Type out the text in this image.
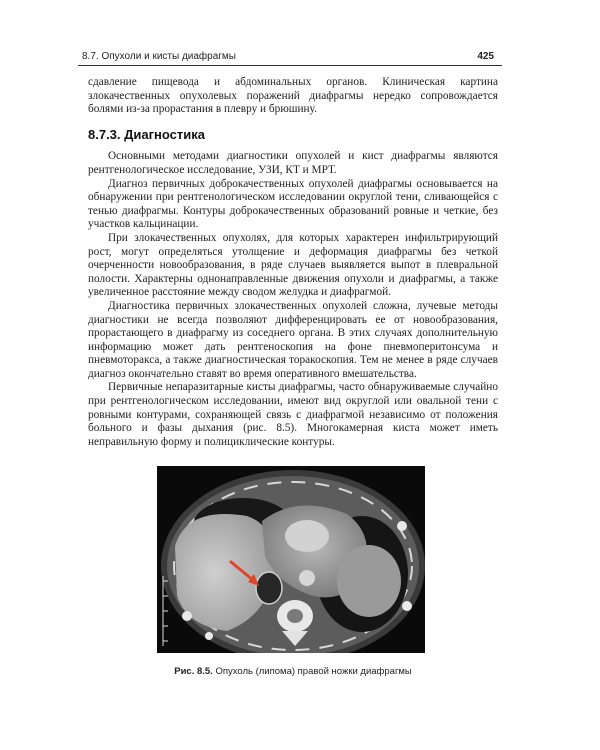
8.7. Опухоли и кисты диафрагмы	425

сдавление пищевода и абдоминальных органов. Клиническая картина злокачественных опухолевых поражений диафрагмы нередко сопровождается болями из-за прорастания в плевру и брюшину.

8.7.3. Диагностика

Основными методами диагностики опухолей и кист диафрагмы являются рентгенологическое исследование, УЗИ, КТ и МРТ.

Диагноз первичных доброкачественных опухолей диафрагмы основывается на обнаружении при рентгенологическом исследовании округлой тени, сливающейся с тенью диафрагмы. Контуры доброкачественных образований ровные и четкие, без участков кальцинации.

При злокачественных опухолях, для которых характерен инфильтрирующий рост, могут определяться утолщение и деформация диафрагмы без четкой очерченности новообразования, в ряде случаев выявляется выпот в плевральной полости. Характерны однонаправленные движения опухоли и диафрагмы, а также увеличенное расстояние между сводом желудка и диафрагмой.

Диагностика первичных злокачественных опухолей сложна, лучевые методы диагностики не всегда позволяют дифференцировать ее от новообразования, прорастающего в диафрагму из соседнего органа. В этих случаях дополнительную информацию может дать рентгеноскопия на фоне пневмоперитонсума и пневмоторакса, а также диагностическая торакоскопия. Тем не менее в ряде случаев диагноз окончательно ставят во время оперативного вмешательства.

Первичные непаразитарные кисты диафрагмы, часто обнаруживаемые случайно при рентгенологическом исследовании, имеют вид округлой или овальной тени с ровными контурами, сохраняющей связь с диафрагмой независимо от положения больного и фазы дыхания (рис. 8.5). Многокамерная киста может иметь неправильную форму и полициклические контуры.

Рис. 8.5. Опухоль (липома) правой ножки диафрагмы
